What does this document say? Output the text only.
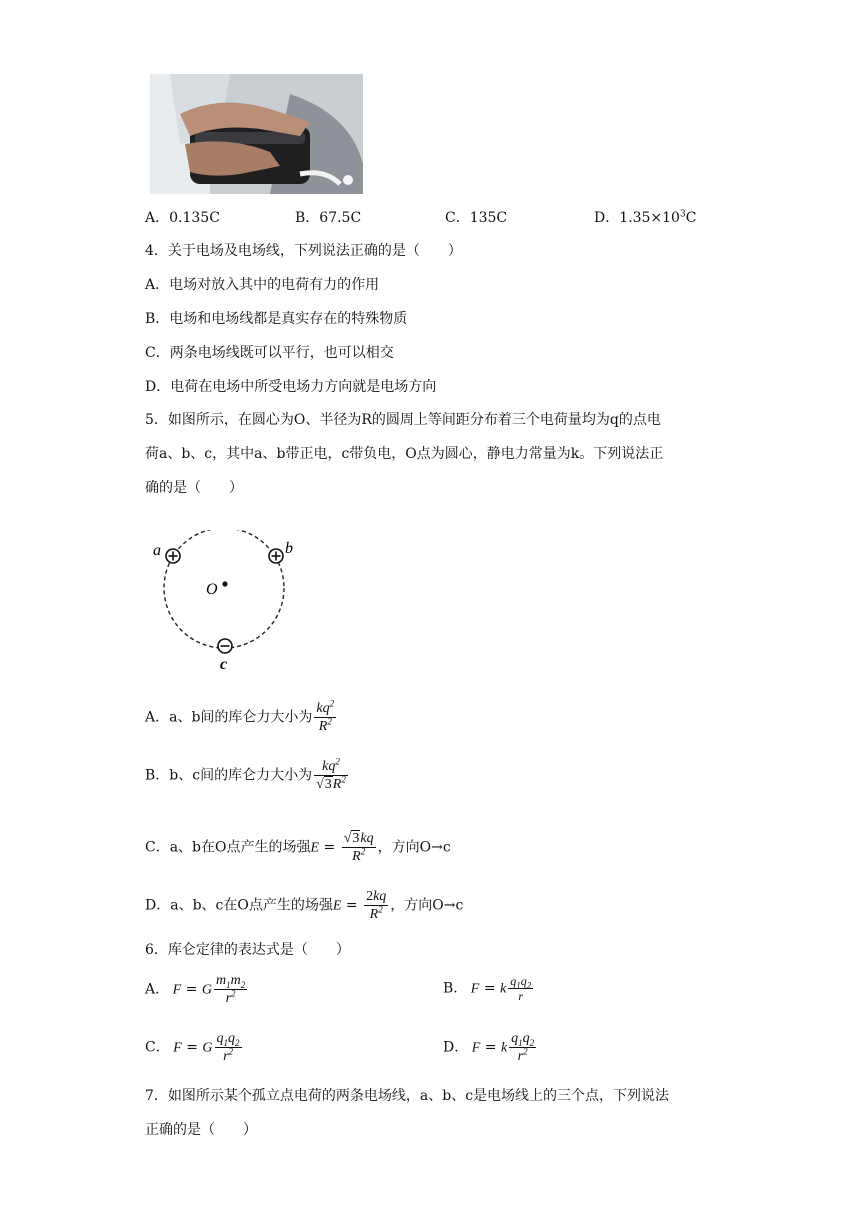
A．0.135C	B．67.5C	C．135C	D．$1.35\times 10^3C$
4．关于电场及电场线，下列说法正确的是（　　）
A．电场对放入其中的电荷有力的作用
B．电场和电场线都是真实存在的特殊物质
C．两条电场线既可以平行，也可以相交
D．电荷在电场中所受电场力方向就是电场方向
5．如图所示，在圆心为O、半径为R的圆周上等间距分布着三个电荷量均为q的点电
荷a、b、c，其中a、b带正电，c带负电，O点为圆心，静电力常量为k。下列说法正
确的是（　　）
a	b
O
c
A．a、b间的库仑力大小为 $\frac{kq^2}{R^2}$
B．b、c间的库仑力大小为 $\frac{kq^2}{√3R^2}$
C．a、b在O点产生的场强$E = \frac{√3kq}{R^2}$ ，方向O→c
D．a、b、c在O点产生的场强$E = \frac{2kq}{R^2}$ ，方向O→c
6．库仑定律的表达式是（　　）
A． F = G $\frac{m_1m_2}{r^2}$	B． F = k $\frac{q_1q_2}{r}$
C． F = G $\frac{q_1q_2}{r^2}$	D． F = k $\frac{q_1q_2}{r^2}$
7．如图所示某个孤立点电荷的两条电场线，a、b、c是电场线上的三个点，下列说法
正确的是（　　）
